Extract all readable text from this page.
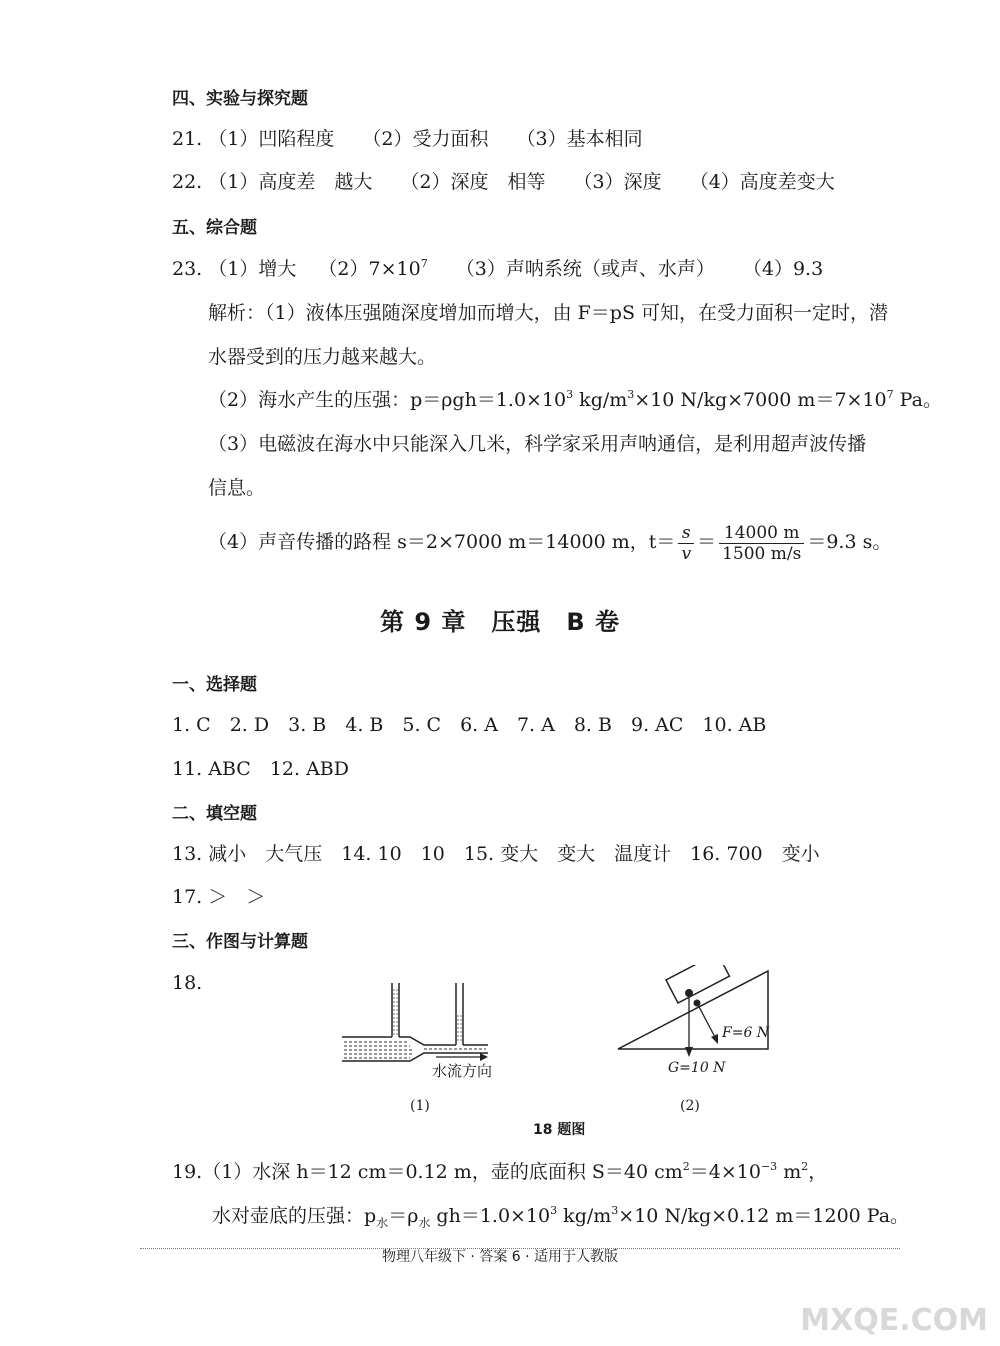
四、实验与探究题
21. （1）凹陷程度 （2）受力面积 （3）基本相同
22. （1）高度差　越大 （2）深度　相等 （3）深度 （4）高度差变大
五、综合题
23. （1）增大 $(2)7\times 10^7$ （3）声呐系统（或声、水声） （4）9.3
解析：（1）液体压强随深度增加而增大，由 F＝pS 可知，在受力面积一定时，潜
水器受到的压力越来越大。
（2）海水产生的压强：$p=\rho gh=1.0\times 10^3$ $kg/m^3\times 10$ N/kg×7000 $m=7\times 10^7$ Pa。
（3）电磁波在海水中只能深入几米，科学家采用声呐通信，是利用超声波传播
信息。
（4）声音传播的路程 s＝2×7000 m＝14000 m，$t= \frac{s}{v} = \frac{14000 m}{1500 m/s} =9.3$ s。
第 9 章　压强　B 卷
一、选择题
1. C　2. D　3. B　4. B　5. C　6. A　7. A　8. B　9. AC　10. AB
11. ABC　12. ABD
二、填空题
13. 减小　大气压　14. 10　10　15. 变大　变大　温度计　16. 700　变小
17. ＞　＞
三、作图与计算题
18.
水流方向
(1)
F=6 N
G=10 N
(2)
18 题图
19.（1）水深 h＝12 cm＝0.12 m，壶的底面积 S＝40 $cm^2=4\times 10^{-3}$ $m^2$，
水对壶底的压强：$p_水=\rho_水$ $gh=1.0\times 10^3$ $kg/m^3\times 10$ N/kg×0.12 m＝1200 Pa。
物理八年级下 · 答案 6 · 适用于人教版
MXQE.COM
